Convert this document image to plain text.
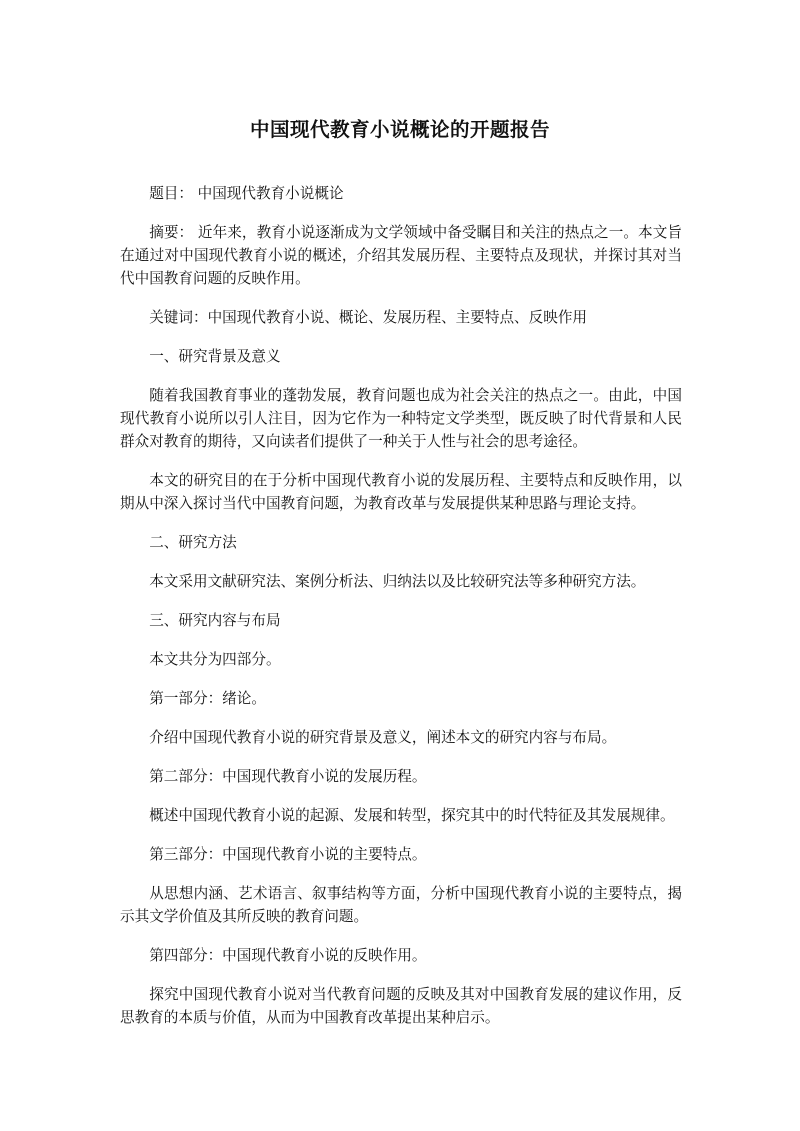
中国现代教育小说概论的开题报告

题目： 中国现代教育小说概论

摘要： 近年来，教育小说逐渐成为文学领域中备受瞩目和关注的热点之一。本文旨在通过对中国现代教育小说的概述，介绍其发展历程、主要特点及现状，并探讨其对当代中国教育问题的反映作用。

关键词：中国现代教育小说、概论、发展历程、主要特点、反映作用

一、研究背景及意义

随着我国教育事业的蓬勃发展，教育问题也成为社会关注的热点之一。由此，中国现代教育小说所以引人注目，因为它作为一种特定文学类型，既反映了时代背景和人民群众对教育的期待，又向读者们提供了一种关于人性与社会的思考途径。

本文的研究目的在于分析中国现代教育小说的发展历程、主要特点和反映作用，以期从中深入探讨当代中国教育问题，为教育改革与发展提供某种思路与理论支持。

二、研究方法

本文采用文献研究法、案例分析法、归纳法以及比较研究法等多种研究方法。

三、研究内容与布局

本文共分为四部分。

第一部分：绪论。

介绍中国现代教育小说的研究背景及意义，阐述本文的研究内容与布局。

第二部分：中国现代教育小说的发展历程。

概述中国现代教育小说的起源、发展和转型，探究其中的时代特征及其发展规律。

第三部分：中国现代教育小说的主要特点。

从思想内涵、艺术语言、叙事结构等方面，分析中国现代教育小说的主要特点，揭示其文学价值及其所反映的教育问题。

第四部分：中国现代教育小说的反映作用。

探究中国现代教育小说对当代教育问题的反映及其对中国教育发展的建议作用，反思教育的本质与价值，从而为中国教育改革提出某种启示。
